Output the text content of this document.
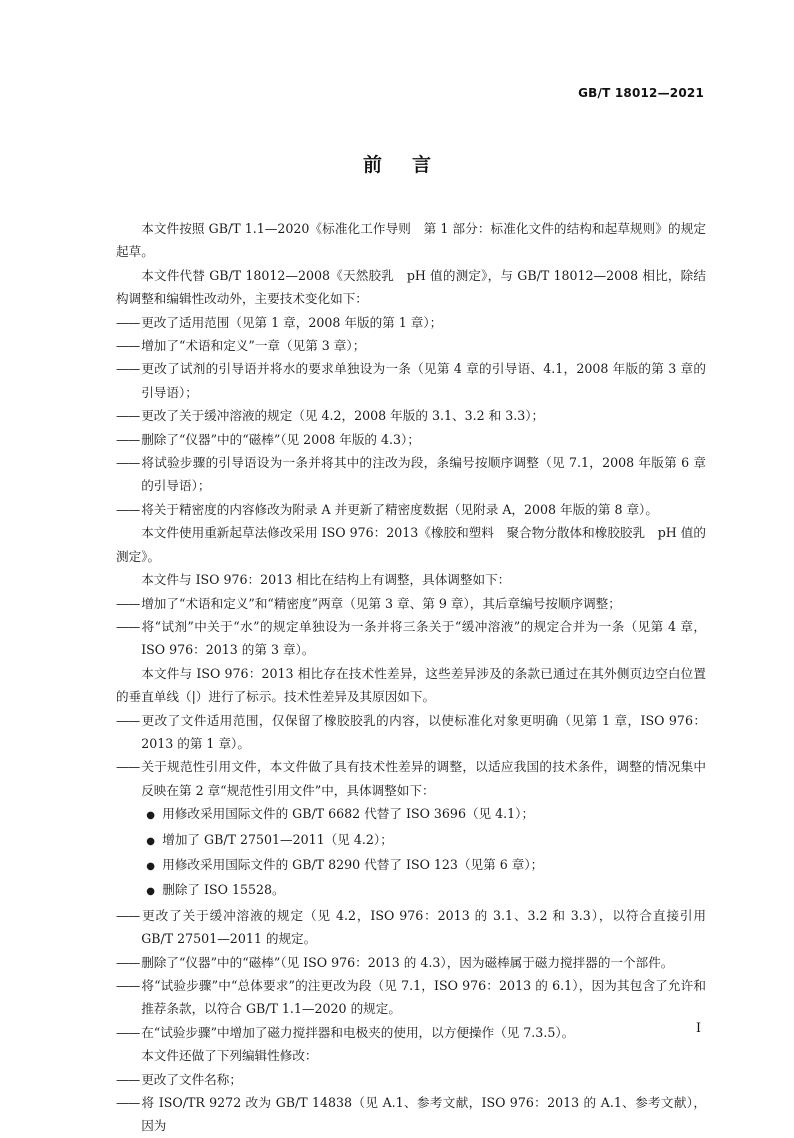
GB/T 18012—2021
前言

本文件按照 GB/T 1.1—2020《标准化工作导则　第 1 部分：标准化文件的结构和起草规则》的规定起草。

本文件代替 GB/T 18012—2008《天然胶乳　pH 值的测定》，与 GB/T 18012—2008 相比，除结构调整和编辑性改动外，主要技术变化如下：

—— 更改了适用范围（见第 1 章，2008 年版的第 1 章）；

—— 增加了“术语和定义”一章（见第 3 章）；

—— 更改了试剂的引导语并将水的要求单独设为一条（见第 4 章的引导语、4.1，2008 年版的第 3 章的引导语）；

—— 更改了关于缓冲溶液的规定（见 4.2，2008 年版的 3.1、3.2 和 3.3）；

—— 删除了“仪器”中的“磁棒”（见 2008 年版的 4.3）；

—— 将试验步骤的引导语设为一条并将其中的注改为段，条编号按顺序调整（见 7.1，2008 年版第 6 章的引导语）；

—— 将关于精密度的内容修改为附录 A 并更新了精密度数据（见附录 A，2008 年版的第 8 章）。

本文件使用重新起草法修改采用 ISO 976：2013《橡胶和塑料　聚合物分散体和橡胶胶乳　pH 值的测定》。

本文件与 ISO 976：2013 相比在结构上有调整，具体调整如下：

—— 增加了“术语和定义”和“精密度”两章（见第 3 章、第 9 章），其后章编号按顺序调整；

—— 将“试剂”中关于“水”的规定单独设为一条并将三条关于“缓冲溶液”的规定合并为一条（见第 4 章，ISO 976：2013 的第 3 章）。

本文件与 ISO 976：2013 相比存在技术性差异，这些差异涉及的条款已通过在其外侧页边空白位置的垂直单线（|）进行了标示。技术性差异及其原因如下。

—— 更改了文件适用范围，仅保留了橡胶胶乳的内容，以使标准化对象更明确（见第 1 章，ISO 976：2013 的第 1 章）。

—— 关于规范性引用文件，本文件做了具有技术性差异的调整，以适应我国的技术条件，调整的情况集中反映在第 2 章“规范性引用文件”中，具体调整如下：

● 用修改采用国际文件的 GB/T 6682 代替了 ISO 3696（见 4.1）；

● 增加了 GB/T 27501—2011（见 4.2）；

● 用修改采用国际文件的 GB/T 8290 代替了 ISO 123（见第 6 章）；

● 删除了 ISO 15528。

—— 更改了关于缓冲溶液的规定（见 4.2，ISO 976：2013 的 3.1、3.2 和 3.3），以符合直接引用 GB/T 27501—2011 的规定。

—— 删除了“仪器”中的“磁棒”（见 ISO 976：2013 的 4.3），因为磁棒属于磁力搅拌器的一个部件。

—— 将“试验步骤”中“总体要求”的注更改为段（见 7.1，ISO 976：2013 的 6.1），因为其包含了允许和推荐条款，以符合 GB/T 1.1—2020 的规定。

—— 在“试验步骤”中增加了磁力搅拌器和电极夹的使用，以方便操作（见 7.3.5）。

本文件还做了下列编辑性修改：

—— 更改了文件名称；

—— 将 ISO/TR 9272 改为 GB/T 14838（见 A.1、参考文献，ISO 976：2013 的 A.1、参考文献），因为

I
